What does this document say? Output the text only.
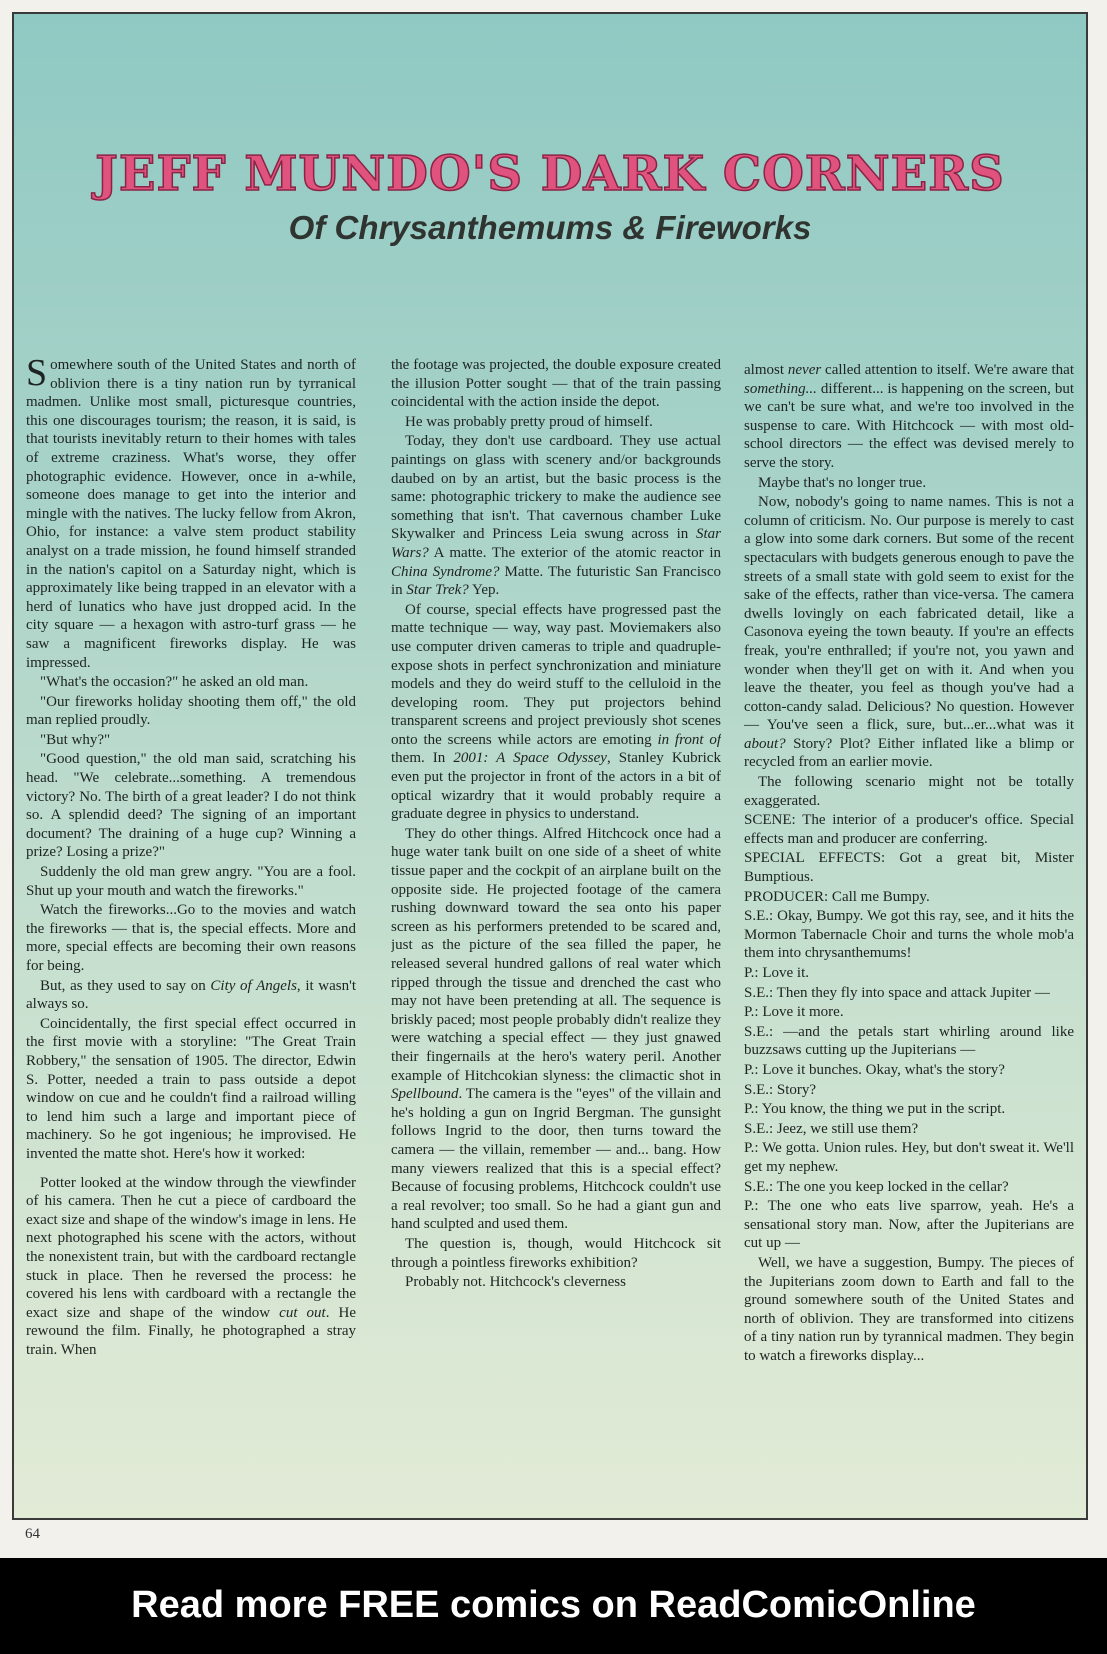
JEFF MUNDO'S DARK CORNERS
Of Chrysanthemums & Fireworks

Somewhere south of the United States and north of oblivion there is a tiny nation run by tyrranical madmen. Unlike most small, picturesque countries, this one discourages tourism; the reason, it is said, is that tourists inevitably return to their homes with tales of extreme craziness. What's worse, they offer photographic evidence. However, once in a-while, someone does manage to get into the interior and mingle with the natives. The lucky fellow from Akron, Ohio, for instance: a valve stem product stability analyst on a trade mission, he found himself stranded in the nation's capitol on a Saturday night, which is approximately like being trapped in an elevator with a herd of lunatics who have just dropped acid. In the city square — a hexagon with astro-turf grass — he saw a magnificent fireworks display. He was impressed.

"What's the occasion?" he asked an old man.

"Our fireworks holiday shooting them off," the old man replied proudly.

"But why?"

"Good question," the old man said, scratching his head. "We celebrate...something. A tremendous victory? No. The birth of a great leader? I do not think so. A splendid deed? The signing of an important document? The draining of a huge cup? Winning a prize? Losing a prize?"

Suddenly the old man grew angry. "You are a fool. Shut up your mouth and watch the fireworks."

Watch the fireworks...Go to the movies and watch the fireworks — that is, the special effects. More and more, special effects are becoming their own reasons for being.

But, as they used to say on City of Angels, it wasn't always so.

Coincidentally, the first special effect occurred in the first movie with a storyline: "The Great Train Robbery," the sensation of 1905. The director, Edwin S. Potter, needed a train to pass outside a depot window on cue and he couldn't find a railroad willing to lend him such a large and important piece of machinery. So he got ingenious; he improvised. He invented the matte shot. Here's how it worked:

Potter looked at the window through the viewfinder of his camera. Then he cut a piece of cardboard the exact size and shape of the window's image in lens. He next photographed his scene with the actors, without the nonexistent train, but with the cardboard rectangle stuck in place. Then he reversed the process: he covered his lens with cardboard with a rectangle the exact size and shape of the window cut out. He rewound the film. Finally, he photographed a stray train. When

the footage was projected, the double exposure created the illusion Potter sought — that of the train passing coincidental with the action inside the depot.

He was probably pretty proud of himself.

Today, they don't use cardboard. They use actual paintings on glass with scenery and/or backgrounds daubed on by an artist, but the basic process is the same: photographic trickery to make the audience see something that isn't. That cavernous chamber Luke Skywalker and Princess Leia swung across in Star Wars? A matte. The exterior of the atomic reactor in China Syndrome? Matte. The futuristic San Francisco in Star Trek? Yep.

Of course, special effects have progressed past the matte technique — way, way past. Moviemakers also use computer driven cameras to triple and quadruple-expose shots in perfect synchronization and miniature models and they do weird stuff to the celluloid in the developing room. They put projectors behind transparent screens and project previously shot scenes onto the screens while actors are emoting in front of them. In 2001: A Space Odyssey, Stanley Kubrick even put the projector in front of the actors in a bit of optical wizardry that it would probably require a graduate degree in physics to understand.

They do other things. Alfred Hitchcock once had a huge water tank built on one side of a sheet of white tissue paper and the cockpit of an airplane built on the opposite side. He projected footage of the camera rushing downward toward the sea onto his paper screen as his performers pretended to be scared and, just as the picture of the sea filled the paper, he released several hundred gallons of real water which ripped through the tissue and drenched the cast who may not have been pretending at all. The sequence is briskly paced; most people probably didn't realize they were watching a special effect — they just gnawed their fingernails at the hero's watery peril. Another example of Hitchcokian slyness: the climactic shot in Spellbound. The camera is the "eyes" of the villain and he's holding a gun on Ingrid Bergman. The gunsight follows Ingrid to the door, then turns toward the camera — the villain, remember — and... bang. How many viewers realized that this is a special effect? Because of focusing problems, Hitchcock couldn't use a real revolver; too small. So he had a giant gun and hand sculpted and used them.

The question is, though, would Hitchcock sit through a pointless fireworks exhibition?

Probably not. Hitchcock's cleverness

almost never called attention to itself. We're aware that something... different... is happening on the screen, but we can't be sure what, and we're too involved in the suspense to care. With Hitchcock — with most old-school directors — the effect was devised merely to serve the story.

Maybe that's no longer true.

Now, nobody's going to name names. This is not a column of criticism. No. Our purpose is merely to cast a glow into some dark corners. But some of the recent spectaculars with budgets generous enough to pave the streets of a small state with gold seem to exist for the sake of the effects, rather than vice-versa. The camera dwells lovingly on each fabricated detail, like a Casonova eyeing the town beauty. If you're an effects freak, you're enthralled; if you're not, you yawn and wonder when they'll get on with it. And when you leave the theater, you feel as though you've had a cotton-candy salad. Delicious? No question. However — You've seen a flick, sure, but...er...what was it about? Story? Plot? Either inflated like a blimp or recycled from an earlier movie.

The following scenario might not be totally exaggerated.

SCENE: The interior of a producer's office. Special effects man and producer are conferring.

SPECIAL EFFECTS: Got a great bit, Mister Bumptious.

PRODUCER: Call me Bumpy.

S.E.: Okay, Bumpy. We got this ray, see, and it hits the Mormon Tabernacle Choir and turns the whole mob'a them into chrysanthemums!

P.: Love it.

S.E.: Then they fly into space and attack Jupiter —

P.: Love it more.

S.E.: —and the petals start whirling around like buzzsaws cutting up the Jupiterians —

P.: Love it bunches. Okay, what's the story?

S.E.: Story?

P.: You know, the thing we put in the script.

S.E.: Jeez, we still use them?

P.: We gotta. Union rules. Hey, but don't sweat it. We'll get my nephew.

S.E.: The one you keep locked in the cellar?

P.: The one who eats live sparrow, yeah. He's a sensational story man. Now, after the Jupiterians are cut up —

Well, we have a suggestion, Bumpy. The pieces of the Jupiterians zoom down to Earth and fall to the ground somewhere south of the United States and north of oblivion. They are transformed into citizens of a tiny nation run by tyrannical madmen. They begin to watch a fireworks display...

64
Read more FREE comics on ReadComicOnline
